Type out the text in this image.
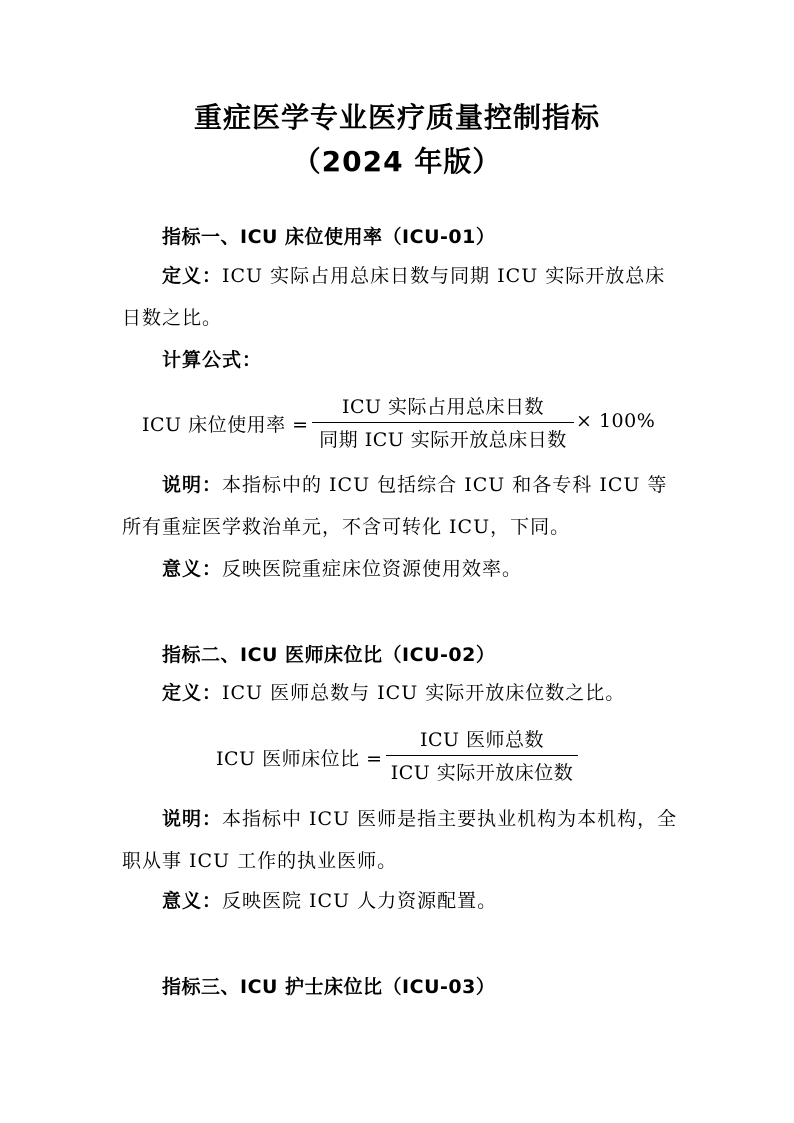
重症医学专业医疗质量控制指标
（2024 年版）
指标一、ICU 床位使用率（ICU-01）
定义：ICU 实际占用总床日数与同期 ICU 实际开放总床日数之比。
计算公式：
ICU 床位使用率 =
ICU 实际占用总床日数
同期 ICU 实际开放总床日数
× 100%
说明：本指标中的 ICU 包括综合 ICU 和各专科 ICU 等所有重症医学救治单元，不含可转化 ICU，下同。
意义：反映医院重症床位资源使用效率。
指标二、ICU 医师床位比（ICU-02）
定义：ICU 医师总数与 ICU 实际开放床位数之比。
ICU 医师床位比 =
ICU 医师总数
ICU 实际开放床位数
说明：本指标中 ICU 医师是指主要执业机构为本机构，全职从事 ICU 工作的执业医师。
意义：反映医院 ICU 人力资源配置。
指标三、ICU 护士床位比（ICU-03）
